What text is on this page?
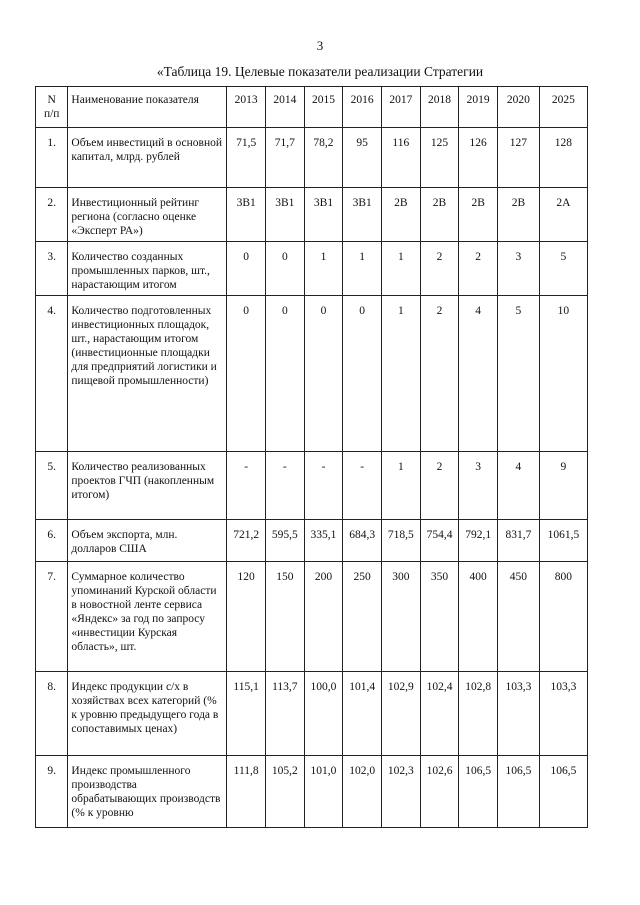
3
«Таблица 19. Целевые показатели реализации Стратегии
N
п/п	Наименование показателя	2013	2014	2015	2016	2017	2018	2019	2020	2025
1.	Объем инвестиций в основной капитал, млрд. рублей	71,5	71,7	78,2	95	116	125	126	127	128
2.	Инвестиционный рейтинг региона (согласно оценке «Эксперт РА»)	3В1	3В1	3В1	3В1	2В	2В	2В	2В	2А
3.	Количество созданных промышленных парков, шт., нарастающим итогом	0	0	1	1	1	2	2	3	5
4.	Количество подготовленных инвестиционных площадок, шт., нарастающим итогом (инвестиционные площадки для предприятий логистики и пищевой промышленности)	0	0	0	0	1	2	4	5	10
5.	Количество реализованных проектов ГЧП (накопленным итогом)	-	-	-	-	1	2	3	4	9
6.	Объем экспорта, млн. долларов США	721,2	595,5	335,1	684,3	718,5	754,4	792,1	831,7	1061,5
7.	Суммарное количество упоминаний Курской области в новостной ленте сервиса «Яндекс» за год по запросу «инвестиции Курская область», шт.	120	150	200	250	300	350	400	450	800
8.	Индекс продукции с/х в хозяйствах всех категорий (% к уровню предыдущего года в сопоставимых ценах)	115,1	113,7	100,0	101,4	102,9	102,4	102,8	103,3	103,3
9.	Индекс промышленного производства обрабатывающих производств (% к уровню	111,8	105,2	101,0	102,0	102,3	102,6	106,5	106,5	106,5
